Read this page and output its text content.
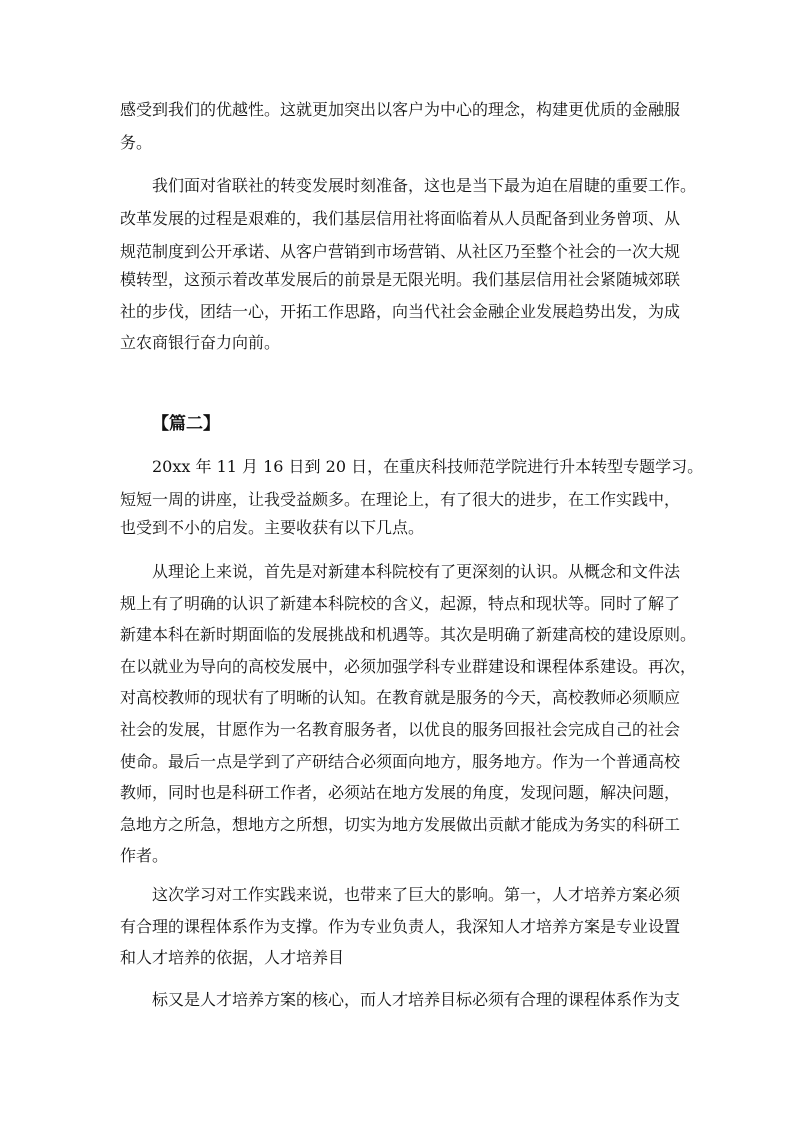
感受到我们的优越性。这就更加突出以客户为中心的理念，构建更优质的金融服
务。
我们面对省联社的转变发展时刻准备，这也是当下最为迫在眉睫的重要工作。
改革发展的过程是艰难的，我们基层信用社将面临着从人员配备到业务曾项、从
规范制度到公开承诺、从客户营销到市场营销、从社区乃至整个社会的一次大规
模转型，这预示着改革发展后的前景是无限光明。我们基层信用社会紧随城郊联
社的步伐，团结一心，开拓工作思路，向当代社会金融企业发展趋势出发，为成
立农商银行奋力向前。
【篇二】
20xx 年 11 月 16 日到 20 日，在重庆科技师范学院进行升本转型专题学习。
短短一周的讲座，让我受益颇多。在理论上，有了很大的进步，在工作实践中，
也受到不小的启发。主要收获有以下几点。
从理论上来说，首先是对新建本科院校有了更深刻的认识。从概念和文件法
规上有了明确的认识了新建本科院校的含义，起源，特点和现状等。同时了解了
新建本科在新时期面临的发展挑战和机遇等。其次是明确了新建高校的建设原则。
在以就业为导向的高校发展中，必须加强学科专业群建设和课程体系建设。再次，
对高校教师的现状有了明晰的认知。在教育就是服务的今天，高校教师必须顺应
社会的发展，甘愿作为一名教育服务者，以优良的服务回报社会完成自己的社会
使命。最后一点是学到了产研结合必须面向地方，服务地方。作为一个普通高校
教师，同时也是科研工作者，必须站在地方发展的角度，发现问题，解决问题，
急地方之所急，想地方之所想，切实为地方发展做出贡献才能成为务实的科研工
作者。
这次学习对工作实践来说，也带来了巨大的影响。第一，人才培养方案必须
有合理的课程体系作为支撑。作为专业负责人，我深知人才培养方案是专业设置
和人才培养的依据，人才培养目
标又是人才培养方案的核心，而人才培养目标必须有合理的课程体系作为支
